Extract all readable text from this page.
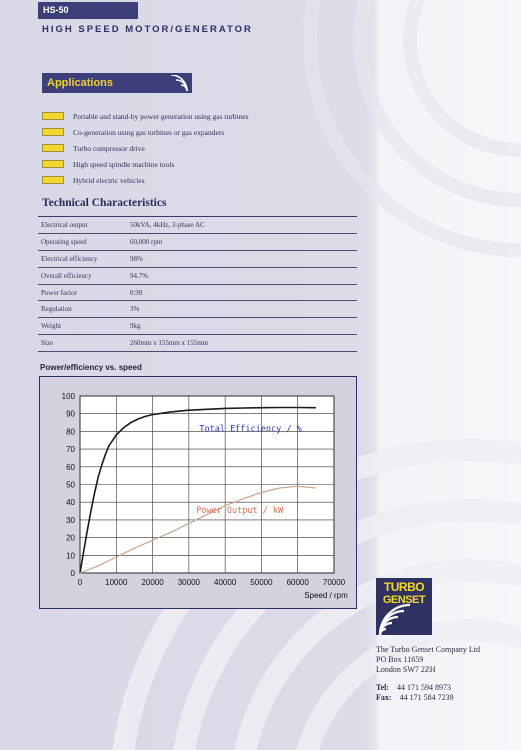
HS-50
HIGH SPEED MOTOR/GENERATOR
Applications
Portable and stand-by power generation using gas turbines
Co-generation using gas turbines or gas expanders
Turbo compressor drive
High speed spindle machine tools
Hybrid electric vehicles
Technical Characteristics
Electrical output	50kVA, 4kHz, 3-phase AC
Operating speed	60,000 rpm
Electrical efficiency	98%
Overall efficiency	94.7%
Power factor	0.99
Regulation	3%
Weight	9kg
Size	260mm x 155mm x 155mm
Power/efficiency vs. speed
0	10000 20000 30000 40000 50000 60000 70000
0
10
20
30
40
50
60
70
80
90
100
Speed / rpm
Total Efficiency / %
Power Output / kW
TURBO
GENSET
The Turbo Genset Company Ltd
PO Box 11659
London SW7 2ZH
Tel: 44 171 594 8973
Fax: 44 171 584 7239
